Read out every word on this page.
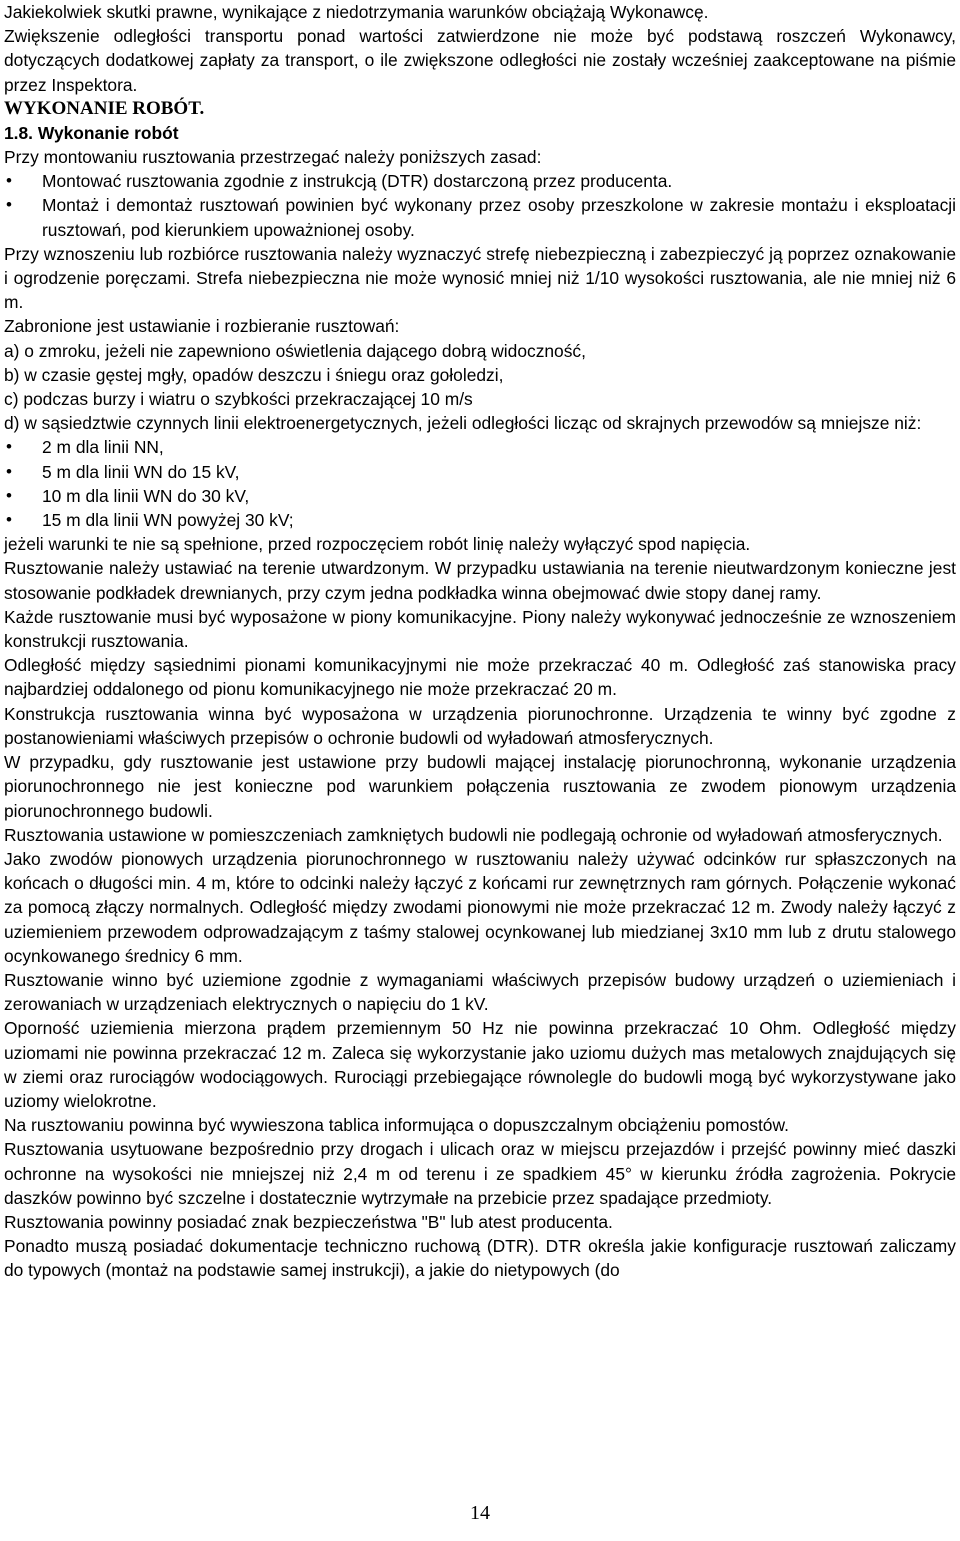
Jakiekolwiek skutki prawne, wynikające z niedotrzymania warunków obciążają Wykonawcę.

Zwiększenie odległości transportu ponad wartości zatwierdzone nie może być podstawą roszczeń Wykonawcy, dotyczących dodatkowej zapłaty za transport, o ile zwiększone odległości nie zostały wcześniej zaakceptowane na piśmie przez Inspektora.

WYKONANIE ROBÓT.

1.8. Wykonanie robót

Przy montowaniu rusztowania przestrzegać należy poniższych zasad:

• Montować rusztowania zgodnie z instrukcją (DTR) dostarczoną przez producenta.
• Montaż i demontaż rusztowań powinien być wykonany przez osoby przeszkolone w zakresie montażu i eksploatacji rusztowań, pod kierunkiem upoważnionej osoby.

Przy wznoszeniu lub rozbiórce rusztowania należy wyznaczyć strefę niebezpieczną i zabezpieczyć ją poprzez oznakowanie i ogrodzenie poręczami. Strefa niebezpieczna nie może wynosić mniej niż 1/10 wysokości rusztowania, ale nie mniej niż 6 m.

Zabronione jest ustawianie i rozbieranie rusztowań:

a) o zmroku, jeżeli nie zapewniono oświetlenia dającego dobrą widoczność,

b) w czasie gęstej mgły, opadów deszczu i śniegu oraz gołoledzi,

c) podczas burzy i wiatru o szybkości przekraczającej 10 m/s

d) w sąsiedztwie czynnych linii elektroenergetycznych, jeżeli odległości licząc od skrajnych przewodów są mniejsze niż:

• 2 m dla linii NN,
• 5 m dla linii WN do 15 kV,
• 10 m dla linii WN do 30 kV,
• 15 m dla linii WN powyżej 30 kV;

jeżeli warunki te nie są spełnione, przed rozpoczęciem robót linię należy wyłączyć spod napięcia.

Rusztowanie należy ustawiać na terenie utwardzonym. W przypadku ustawiania na terenie nieutwardzonym konieczne jest stosowanie podkładek drewnianych, przy czym jedna podkładka winna obejmować dwie stopy danej ramy.

Każde rusztowanie musi być wyposażone w piony komunikacyjne. Piony należy wykonywać jednocześnie ze wznoszeniem konstrukcji rusztowania.

Odległość między sąsiednimi pionami komunikacyjnymi nie może przekraczać 40 m. Odległość zaś stanowiska pracy najbardziej oddalonego od pionu komunikacyjnego nie może przekraczać 20 m.

Konstrukcja rusztowania winna być wyposażona w urządzenia piorunochronne. Urządzenia te winny być zgodne z postanowieniami właściwych przepisów o ochronie budowli od wyładowań atmosferycznych.

W przypadku, gdy rusztowanie jest ustawione przy budowli mającej instalację piorunochronną, wykonanie urządzenia piorunochronnego nie jest konieczne pod warunkiem połączenia rusztowania ze zwodem pionowym urządzenia piorunochronnego budowli.

Rusztowania ustawione w pomieszczeniach zamkniętych budowli nie podlegają ochronie od wyładowań atmosferycznych.

Jako zwodów pionowych urządzenia piorunochronnego w rusztowaniu należy używać odcinków rur spłaszczonych na końcach o długości min. 4 m, które to odcinki należy łączyć z końcami rur zewnętrznych ram górnych. Połączenie wykonać za pomocą złączy normalnych. Odległość między zwodami pionowymi nie może przekraczać 12 m. Zwody należy łączyć z uziemieniem przewodem odprowadzającym z taśmy stalowej ocynkowanej lub miedzianej 3x10 mm lub z drutu stalowego ocynkowanego średnicy 6 mm.

Rusztowanie winno być uziemione zgodnie z wymaganiami właściwych przepisów budowy urządzeń o uziemieniach i zerowaniach w urządzeniach elektrycznych o napięciu do 1 kV.

Oporność uziemienia mierzona prądem przemiennym 50 Hz nie powinna przekraczać 10 Ohm. Odległość między uziomami nie powinna przekraczać 12 m. Zaleca się wykorzystanie jako uziomu dużych mas metalowych znajdujących się w ziemi oraz rurociągów wodociągowych. Rurociągi przebiegające równolegle do budowli mogą być wykorzystywane jako uziomy wielokrotne.

Na rusztowaniu powinna być wywieszona tablica informująca o dopuszczalnym obciążeniu pomostów.

Rusztowania usytuowane bezpośrednio przy drogach i ulicach oraz w miejscu przejazdów i przejść powinny mieć daszki ochronne na wysokości nie mniejszej niż 2,4 m od terenu i ze spadkiem 45° w kierunku źródła zagrożenia. Pokrycie daszków powinno być szczelne i dostatecznie wytrzymałe na przebicie przez spadające przedmioty.

Rusztowania powinny posiadać znak bezpieczeństwa "B" lub atest producenta.

Ponadto muszą posiadać dokumentacje techniczno ruchową (DTR). DTR określa jakie konfiguracje rusztowań zaliczamy do typowych (montaż na podstawie samej instrukcji), a jakie do nietypowych (do

14
